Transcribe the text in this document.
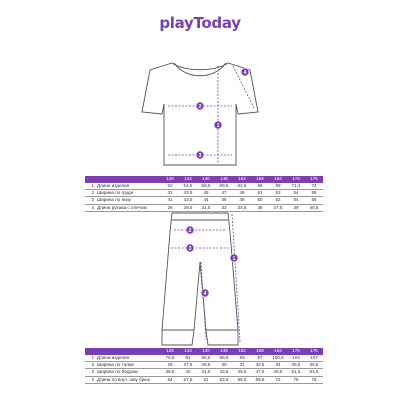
playToday
1
2
3
4
1
2
3
4
		128	134	140	146	152	158	164	170	176
1	Длина изделия	52	54,5	56,5	59,5	62,5	66	69	71,4	74
2	Ширина по груди	42	43,5	45	47	49	51	53	54	55
3	Ширина по низу	41	42,5	44	46	48	50	52	54	56
4	Длина рукава с плечом	28	29,5	31,5	33	34,5	36	37,5	39	40,5
		128	134	140	146	152	158	164	170	176
1	Длина изделия	76,5	81	85,5	89,5	93	97	100,5	104	107
2	Ширина по талии	26	27,5	28,5	30	31	32,5	34	35,5	36,5
3	Ширина по бёдрам	38,5	40	41,5	43,5	45,5	47,5	49,5	51,5	53,5
4	Длина по внут. шву брюк	54	57,5	61	63,5	66,5	69,5	72	75	78
